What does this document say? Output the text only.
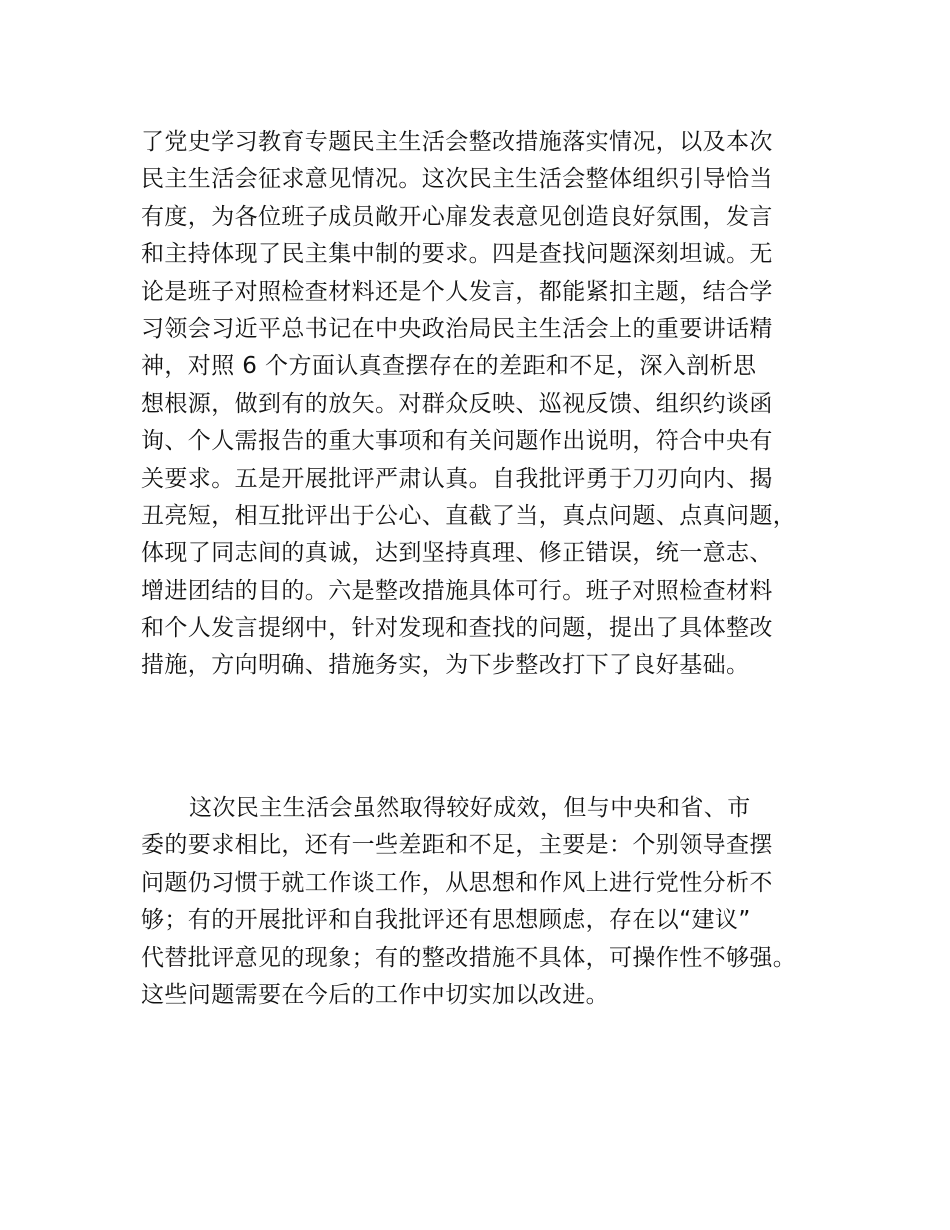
了党史学习教育专题民主生活会整改措施落实情况，以及本次
民主生活会征求意见情况。这次民主生活会整体组织引导恰当
有度，为各位班子成员敞开心扉发表意见创造良好氛围，发言
和主持体现了民主集中制的要求。四是查找问题深刻坦诚。无
论是班子对照检查材料还是个人发言，都能紧扣主题，结合学
习领会习近平总书记在中央政治局民主生活会上的重要讲话精
神，对照 6 个方面认真查摆存在的差距和不足，深入剖析思
想根源，做到有的放矢。对群众反映、巡视反馈、组织约谈函
询、个人需报告的重大事项和有关问题作出说明，符合中央有
关要求。五是开展批评严肃认真。自我批评勇于刀刃向内、揭
丑亮短，相互批评出于公心、直截了当，真点问题、点真问题，
体现了同志间的真诚，达到坚持真理、修正错误，统一意志、
增进团结的目的。六是整改措施具体可行。班子对照检查材料
和个人发言提纲中，针对发现和查找的问题，提出了具体整改
措施，方向明确、措施务实，为下步整改打下了良好基础。
这次民主生活会虽然取得较好成效，但与中央和省、市
委的要求相比，还有一些差距和不足，主要是：个别领导查摆
问题仍习惯于就工作谈工作，从思想和作风上进行党性分析不
够；有的开展批评和自我批评还有思想顾虑，存在以“建议”
代替批评意见的现象；有的整改措施不具体，可操作性不够强。
这些问题需要在今后的工作中切实加以改进。
